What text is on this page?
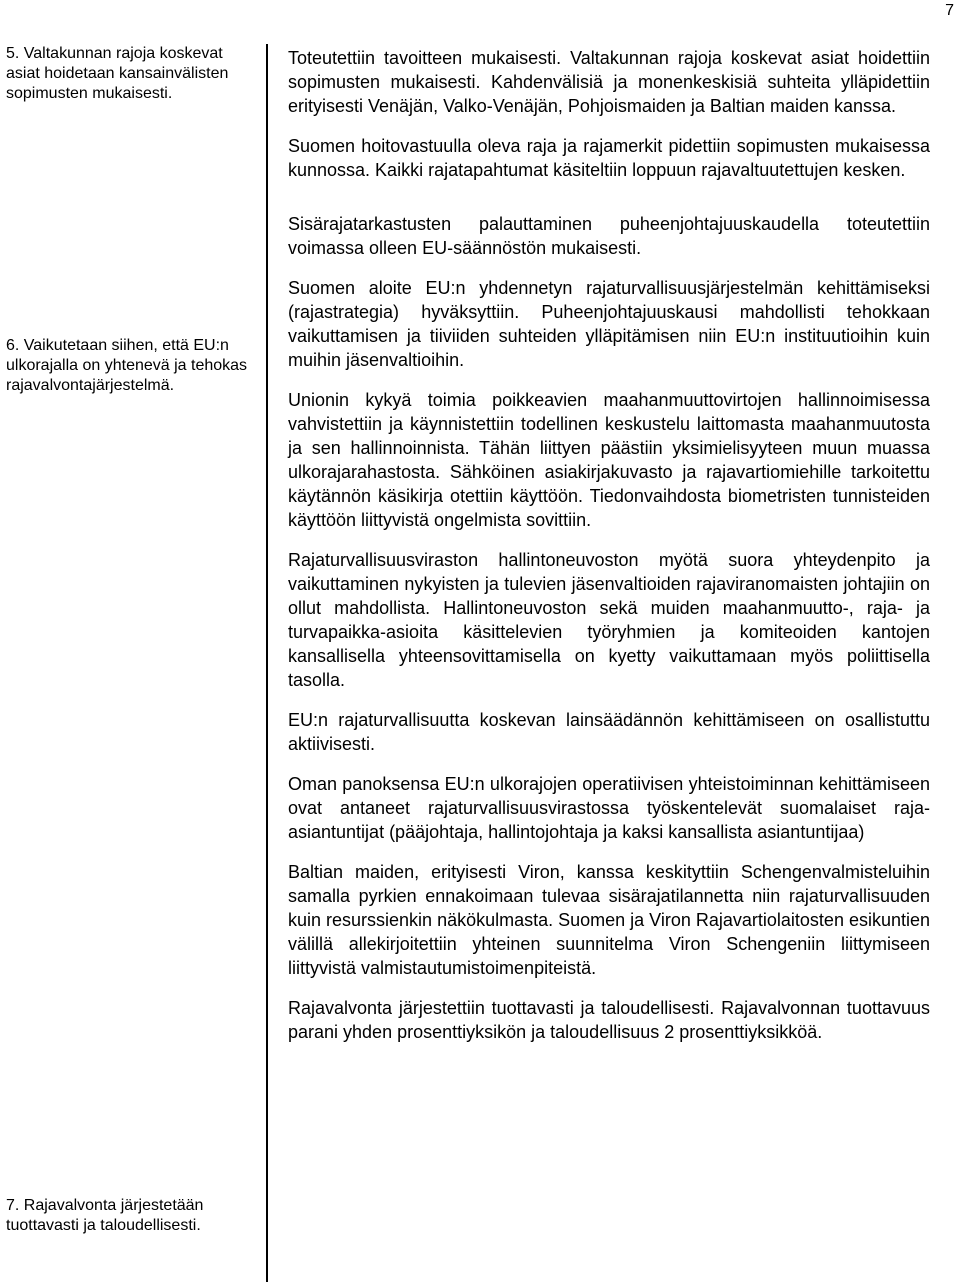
7
5. Valtakunnan rajoja koskevat asiat hoidetaan kansainvälisten sopimusten mukaisesti.
6. Vaikutetaan siihen, että EU:n ulkorajalla on yhtenevä ja tehokas rajavalvontajärjestelmä.
7. Rajavalvonta järjestetään tuottavasti ja taloudellisesti.

Toteutettiin tavoitteen mukaisesti. Valtakunnan rajoja koskevat asiat hoidettiin sopimusten mukaisesti. Kahdenvälisiä ja monenkeskisiä suhteita ylläpidettiin erityisesti Venäjän, Valko-Venäjän, Pohjoismaiden ja Baltian maiden kanssa.

Suomen hoitovastuulla oleva raja ja rajamerkit pidettiin sopimusten mukaisessa kunnossa. Kaikki rajatapahtumat käsiteltiin loppuun rajavaltuutettujen kesken.

Sisärajatarkastusten palauttaminen puheenjohtajuuskaudella toteutettiin voimassa olleen EU-säännöstön mukaisesti.

Suomen aloite EU:n yhdennetyn rajaturvallisuusjärjestelmän kehittämiseksi (rajastrategia) hyväksyttiin. Puheenjohtajuuskausi mahdollisti tehokkaan vaikuttamisen ja tiiviiden suhteiden ylläpitämisen niin EU:n instituutioihin kuin muihin jäsenvaltioihin.

Unionin kykyä toimia poikkeavien maahanmuuttovirtojen hallinnoimisessa vahvistettiin ja käynnistettiin todellinen keskustelu laittomasta maahanmuutosta ja sen hallinnoinnista. Tähän liittyen päästiin yksimielisyyteen muun muassa ulkorajarahastosta. Sähköinen asiakirjakuvasto ja rajavartiomiehille tarkoitettu käytännön käsikirja otettiin käyttöön. Tiedonvaihdosta biometristen tunnisteiden käyttöön liittyvistä ongelmista sovittiin.

Rajaturvallisuusviraston hallintoneuvoston myötä suora yhteydenpito ja vaikuttaminen nykyisten ja tulevien jäsenvaltioiden rajaviranomaisten johtajiin on ollut mahdollista. Hallintoneuvoston sekä muiden maahanmuutto-, raja- ja turvapaikka-asioita käsittelevien työryhmien ja komiteoiden kantojen kansallisella yhteensovittamisella on kyetty vaikuttamaan myös poliittisella tasolla.

EU:n rajaturvallisuutta koskevan lainsäädännön kehittämiseen on osallistuttu aktiivisesti.

Oman panoksensa EU:n ulkorajojen operatiivisen yhteistoiminnan kehittämiseen ovat antaneet rajaturvallisuusvirastossa työskentelevät suomalaiset raja-asiantuntijat (pääjohtaja, hallintojohtaja ja kaksi kansallista asiantuntijaa)

Baltian maiden, erityisesti Viron, kanssa keskityttiin Schengenvalmisteluihin samalla pyrkien ennakoimaan tulevaa sisärajatilannetta niin rajaturvallisuuden kuin resurssienkin näkökulmasta. Suomen ja Viron Rajavartiolaitosten esikuntien välillä allekirjoitettiin yhteinen suunnitelma Viron Schengeniin liittymiseen liittyvistä valmistautumistoimenpiteistä.

Rajavalvonta järjestettiin tuottavasti ja taloudellisesti. Rajavalvonnan tuottavuus parani yhden prosenttiyksikön ja taloudellisuus 2 prosenttiyksikköä.
